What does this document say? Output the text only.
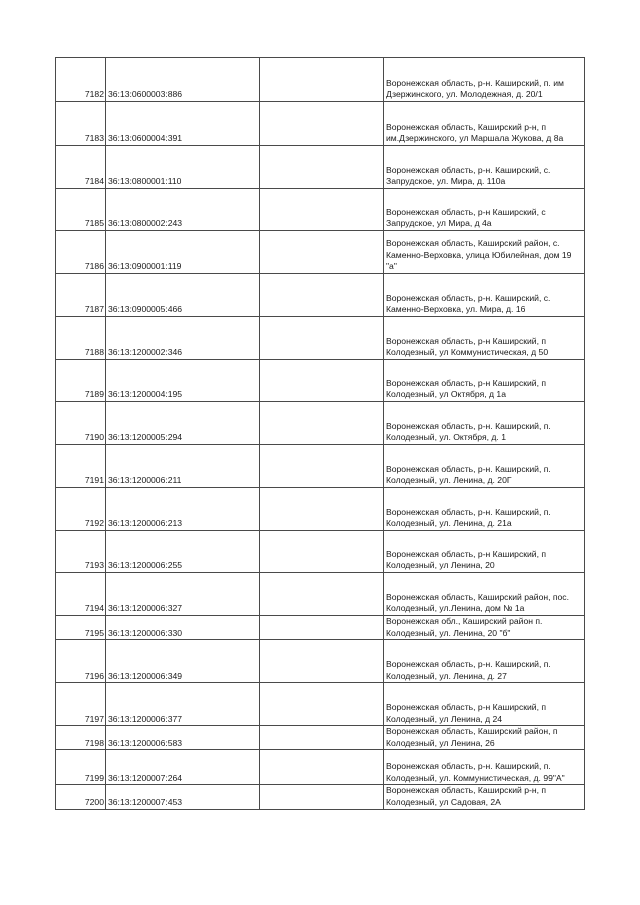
7182	36:13:0600003:886		Воронежская область, р-н. Каширский, п. им Дзержинского, ул. Молодежная, д. 20/1
7183	36:13:0600004:391		Воронежская область, Каширский р-н, п им.Дзержинского, ул Маршала Жукова, д 8а
7184	36:13:0800001:110		Воронежская область, р-н. Каширский, с. Запрудское, ул. Мира, д. 110а
7185	36:13:0800002:243		Воронежская область, р-н Каширский, с Запрудское, ул Мира, д 4а
7186	36:13:0900001:119		Воронежская область, Каширский район, с. Каменно-Верховка, улица Юбилейная, дом 19 "а"
7187	36:13:0900005:466		Воронежская область, р-н. Каширский, с. Каменно-Верховка, ул. Мира, д. 16
7188	36:13:1200002:346		Воронежская область, р-н Каширский, п Колодезный, ул Коммунистическая, д 50
7189	36:13:1200004:195		Воронежская область, р-н Каширский, п Колодезный, ул Октября, д 1а
7190	36:13:1200005:294		Воронежская область, р-н. Каширский, п. Колодезный, ул. Октября, д. 1
7191	36:13:1200006:211		Воронежская область, р-н. Каширский, п. Колодезный, ул. Ленина, д. 20Г
7192	36:13:1200006:213		Воронежская область, р-н. Каширский, п. Колодезный, ул. Ленина, д. 21а
7193	36:13:1200006:255		Воронежская область, р-н Каширский, п Колодезный, ул Ленина, 20
7194	36:13:1200006:327		Воронежская область, Каширский район, пос. Колодезный, ул.Ленина, дом № 1а
7195	36:13:1200006:330		Воронежская обл., Каширский район п. Колодезный, ул. Ленина, 20 "б"
7196	36:13:1200006:349		Воронежская область, р-н. Каширский, п. Колодезный, ул. Ленина, д. 27
7197	36:13:1200006:377		Воронежская область, р-н Каширский, п Колодезный, ул Ленина, д 24
7198	36:13:1200006:583		Воронежская область, Каширский район, п Колодезный, ул Ленина, 26
7199	36:13:1200007:264		Воронежская область, р-н. Каширский, п. Колодезный, ул. Коммунистическая, д. 99"А"
7200	36:13:1200007:453		Воронежская область, Каширский р-н, п Колодезный, ул Садовая, 2А
